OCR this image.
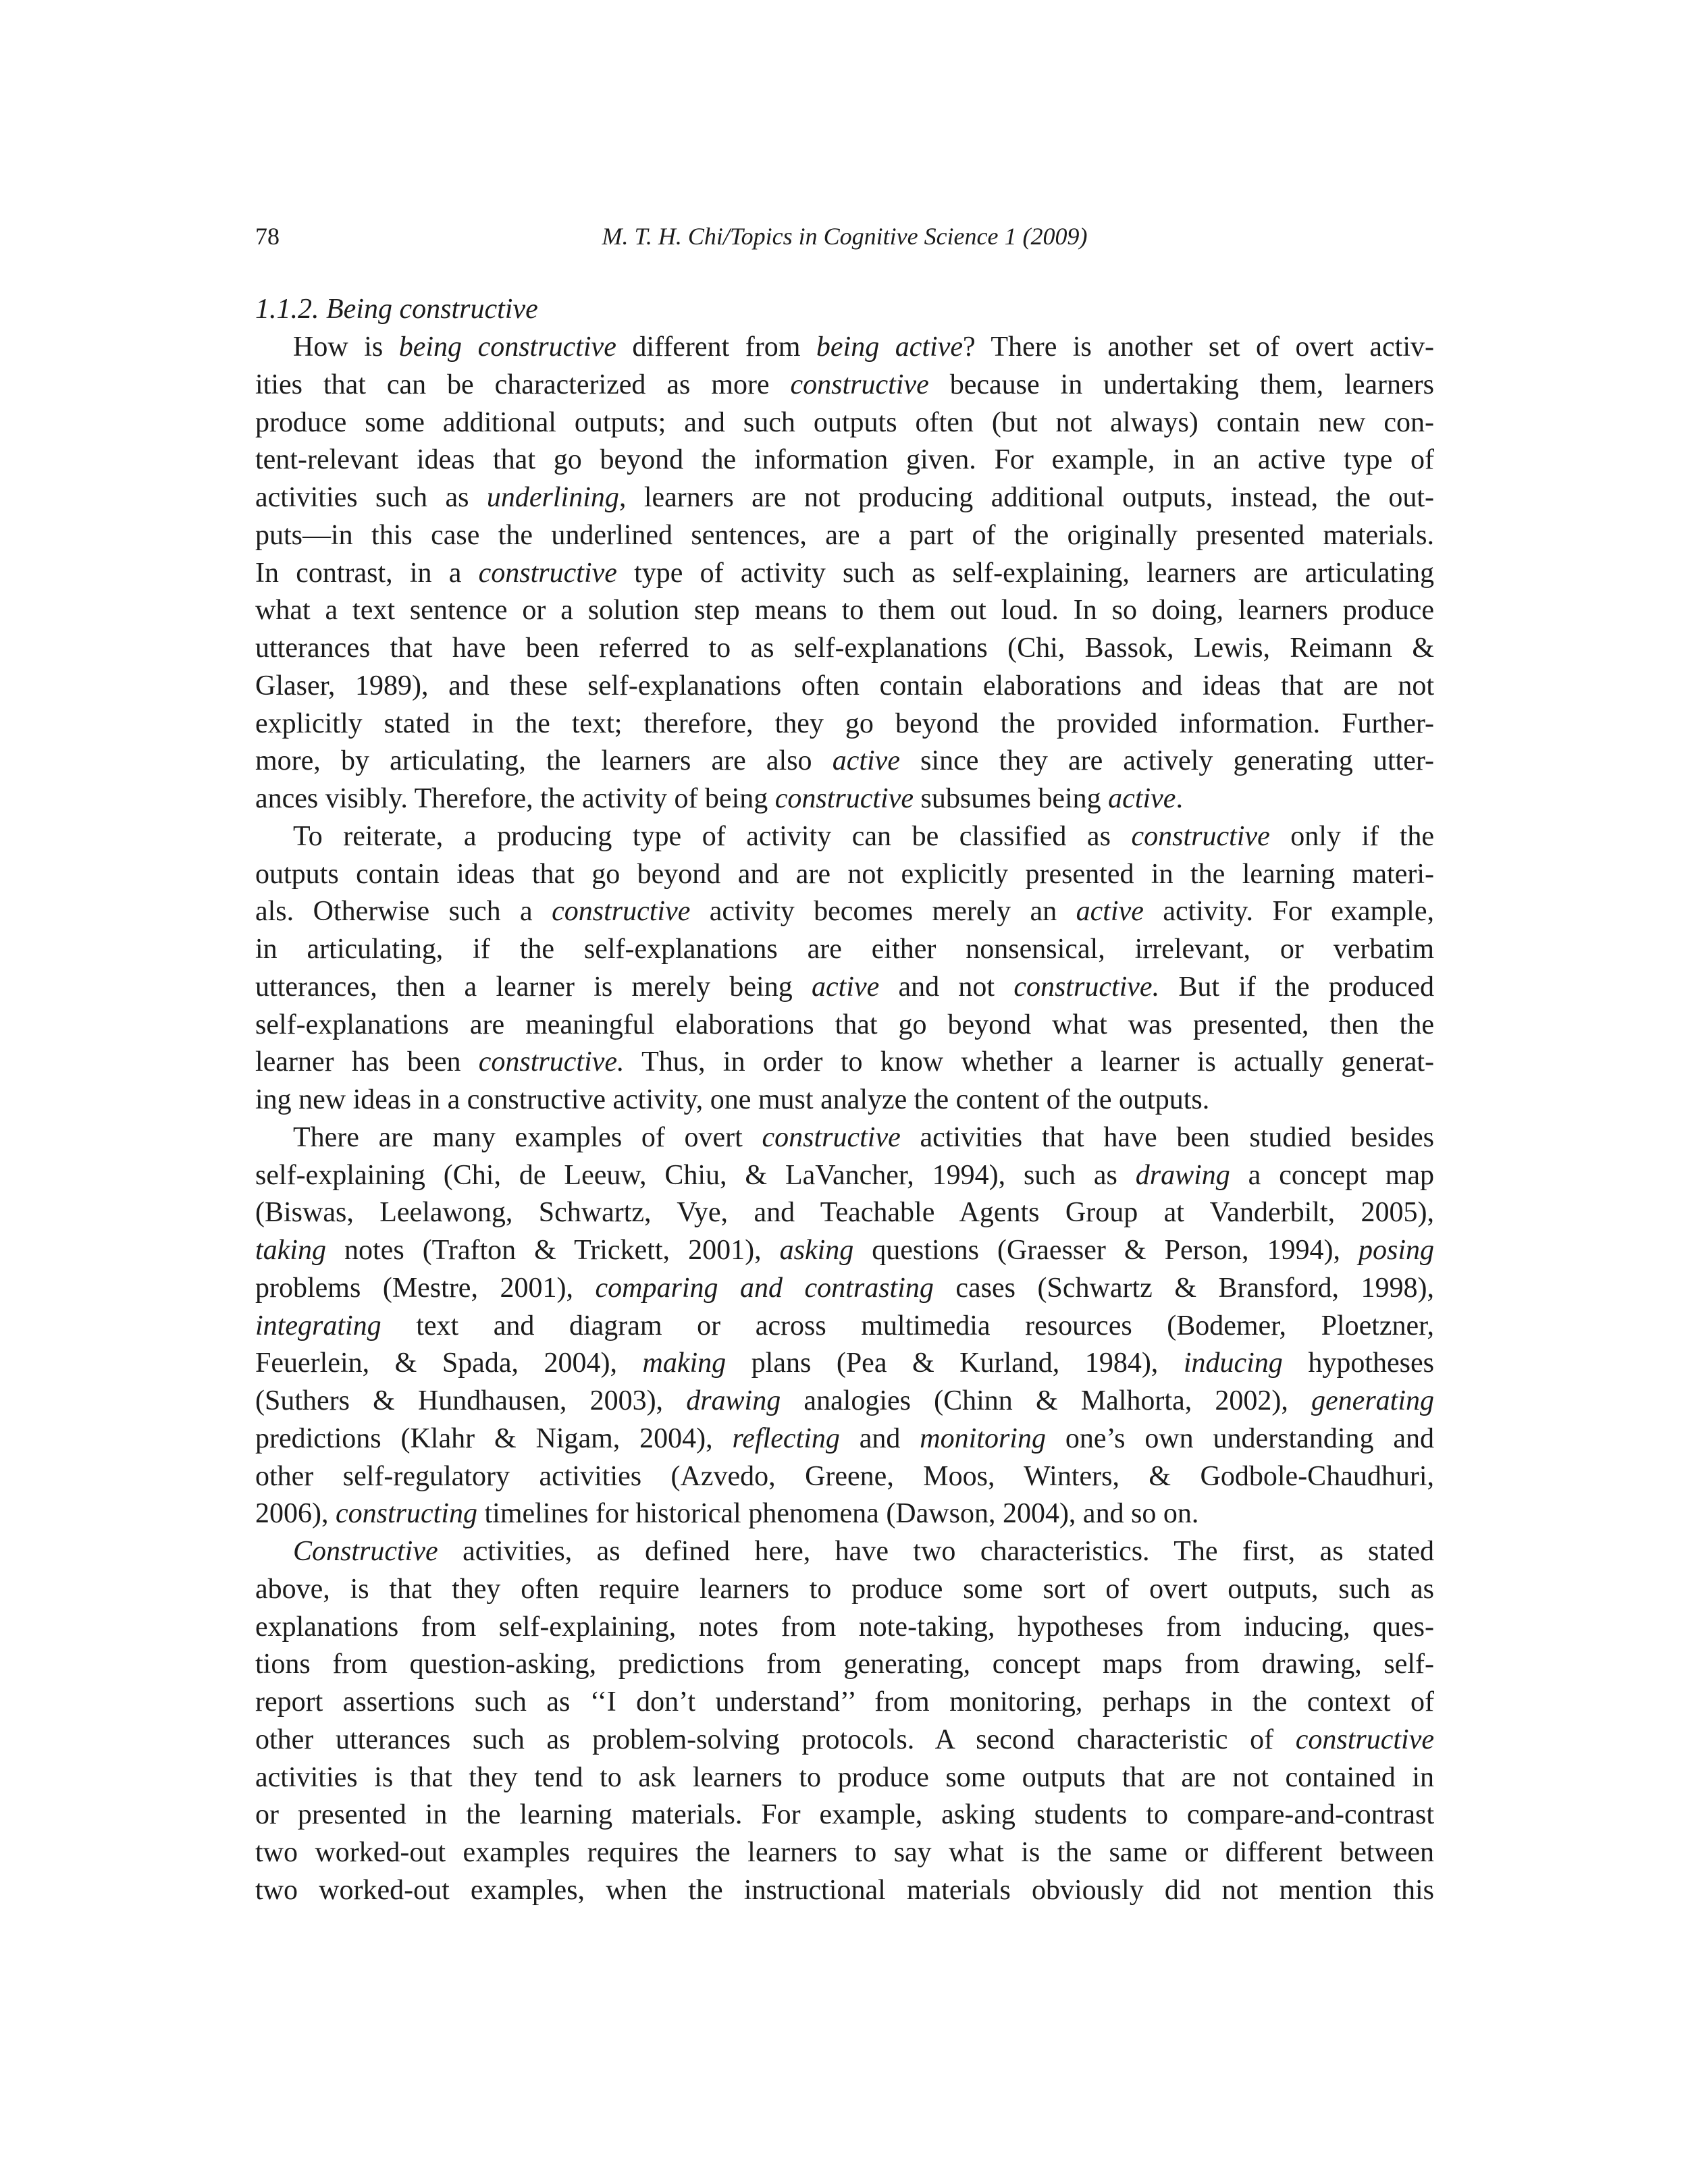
78	M. T. H. Chi/Topics in Cognitive Science 1 (2009)
1.1.2. Being constructive
How is being constructive different from being active? There is another set of overt activ-
ities that can be characterized as more constructive because in undertaking them, learners
produce some additional outputs; and such outputs often (but not always) contain new con-
tent-relevant ideas that go beyond the information given. For example, in an active type of
activities such as underlining, learners are not producing additional outputs, instead, the out-
puts—in this case the underlined sentences, are a part of the originally presented materials.
In contrast, in a constructive type of activity such as self-explaining, learners are articulating
what a text sentence or a solution step means to them out loud. In so doing, learners produce
utterances that have been referred to as self-explanations (Chi, Bassok, Lewis, Reimann &
Glaser, 1989), and these self-explanations often contain elaborations and ideas that are not
explicitly stated in the text; therefore, they go beyond the provided information. Further-
more, by articulating, the learners are also active since they are actively generating utter-
ances visibly. Therefore, the activity of being constructive subsumes being active.
To reiterate, a producing type of activity can be classified as constructive only if the
outputs contain ideas that go beyond and are not explicitly presented in the learning materi-
als. Otherwise such a constructive activity becomes merely an active activity. For example,
in articulating, if the self-explanations are either nonsensical, irrelevant, or verbatim
utterances, then a learner is merely being active and not constructive. But if the produced
self-explanations are meaningful elaborations that go beyond what was presented, then the
learner has been constructive. Thus, in order to know whether a learner is actually generat-
ing new ideas in a constructive activity, one must analyze the content of the outputs.
There are many examples of overt constructive activities that have been studied besides
self-explaining (Chi, de Leeuw, Chiu, & LaVancher, 1994), such as drawing a concept map
(Biswas, Leelawong, Schwartz, Vye, and Teachable Agents Group at Vanderbilt, 2005),
taking notes (Trafton & Trickett, 2001), asking questions (Graesser & Person, 1994), posing
problems (Mestre, 2001), comparing and contrasting cases (Schwartz & Bransford, 1998),
integrating text and diagram or across multimedia resources (Bodemer, Ploetzner,
Feuerlein, & Spada, 2004), making plans (Pea & Kurland, 1984), inducing hypotheses
(Suthers & Hundhausen, 2003), drawing analogies (Chinn & Malhorta, 2002), generating
predictions (Klahr & Nigam, 2004), reflecting and monitoring one’s own understanding and
other self-regulatory activities (Azvedo, Greene, Moos, Winters, & Godbole-Chaudhuri,
2006), constructing timelines for historical phenomena (Dawson, 2004), and so on.
Constructive activities, as defined here, have two characteristics. The first, as stated
above, is that they often require learners to produce some sort of overt outputs, such as
explanations from self-explaining, notes from note-taking, hypotheses from inducing, ques-
tions from question-asking, predictions from generating, concept maps from drawing, self-
report assertions such as ‘‘I don’t understand’’ from monitoring, perhaps in the context of
other utterances such as problem-solving protocols. A second characteristic of constructive
activities is that they tend to ask learners to produce some outputs that are not contained in
or presented in the learning materials. For example, asking students to compare-and-contrast
two worked-out examples requires the learners to say what is the same or different between
two worked-out examples, when the instructional materials obviously did not mention this
